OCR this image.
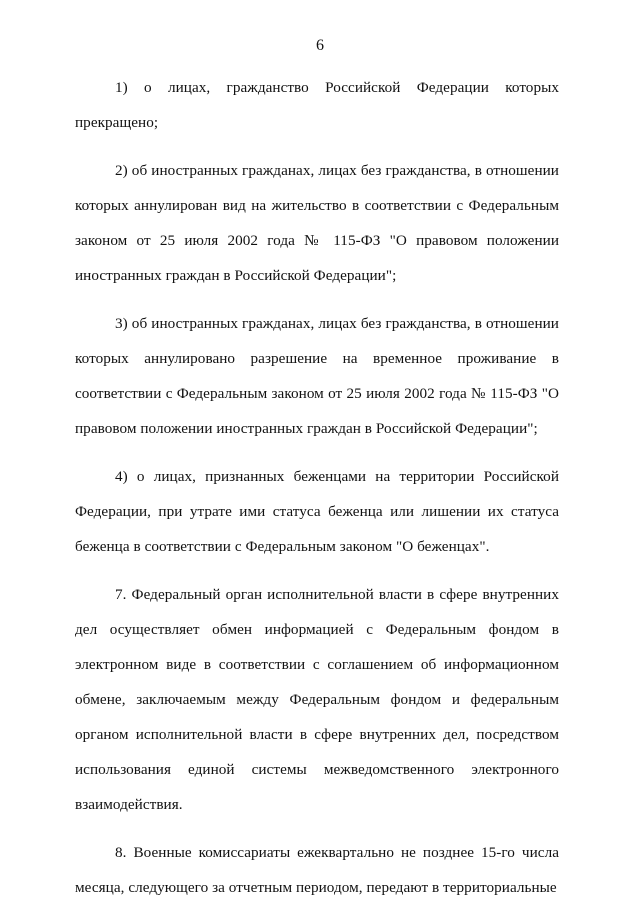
6

1) о лицах, гражданство Российской Федерации которых прекращено;

2) об иностранных гражданах, лицах без гражданства, в отношении которых аннулирован вид на жительство в соответствии с Федеральным законом от 25 июля 2002 года № 115-ФЗ "О правовом положении иностранных граждан в Российской Федерации";

3) об иностранных гражданах, лицах без гражданства, в отношении которых аннулировано разрешение на временное проживание в соответствии с Федеральным законом от 25 июля 2002 года № 115-ФЗ "О правовом положении иностранных граждан в Российской Федерации";

4) о лицах, признанных беженцами на территории Российской Федерации, при утрате ими статуса беженца или лишении их статуса беженца в соответствии с Федеральным законом "О беженцах".

7. Федеральный орган исполнительной власти в сфере внутренних дел осуществляет обмен информацией с Федеральным фондом в электронном виде в соответствии с соглашением об информационном обмене, заключаемым между Федеральным фондом и федеральным органом исполнительной власти в сфере внутренних дел, посредством использования единой системы межведомственного электронного взаимодействия.

8. Военные комиссариаты ежеквартально не позднее 15-го числа месяца, следующего за отчетным периодом, передают в территориальные
